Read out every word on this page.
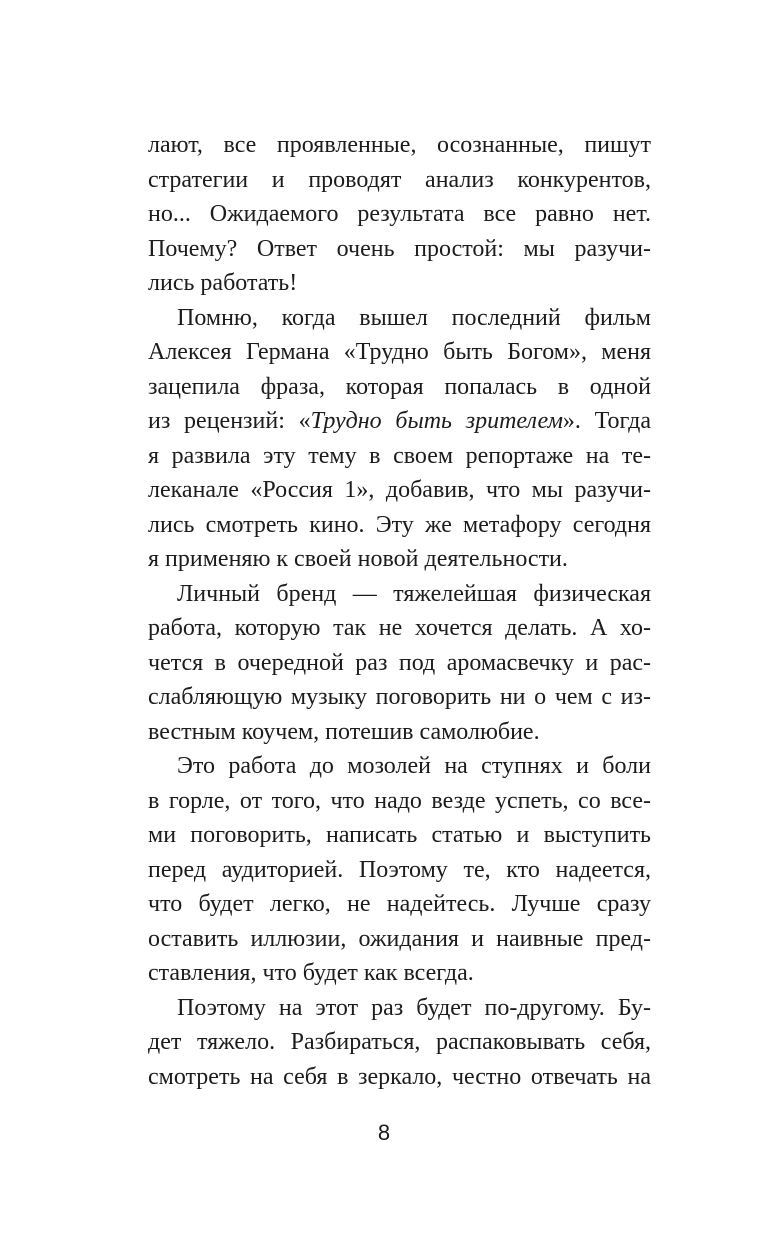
лают, все проявленные, осознанные, пишут
стратегии и проводят анализ конкурентов,
но... Ожидаемого результата все равно нет.
Почему? Ответ очень простой: мы разучи-
лись работать!
Помню, когда вышел последний фильм
Алексея Германа «Трудно быть Богом», меня
зацепила фраза, которая попалась в одной
из рецензий: «Трудно быть зрителем». Тогда
я развила эту тему в своем репортаже на те-
леканале «Россия 1», добавив, что мы разучи-
лись смотреть кино. Эту же метафору сегодня
я применяю к своей новой деятельности.
Личный бренд — тяжелейшая физическая
работа, которую так не хочется делать. А хо-
чется в очередной раз под аромасвечку и рас-
слабляющую музыку поговорить ни о чем с из-
вестным коучем, потешив самолюбие.
Это работа до мозолей на ступнях и боли
в горле, от того, что надо везде успеть, со все-
ми поговорить, написать статью и выступить
перед аудиторией. Поэтому те, кто надеется,
что будет легко, не надейтесь. Лучше сразу
оставить иллюзии, ожидания и наивные пред-
ставления, что будет как всегда.
Поэтому на этот раз будет по-другому. Бу-
дет тяжело. Разбираться, распаковывать себя,
смотреть на себя в зеркало, честно отвечать на
8
